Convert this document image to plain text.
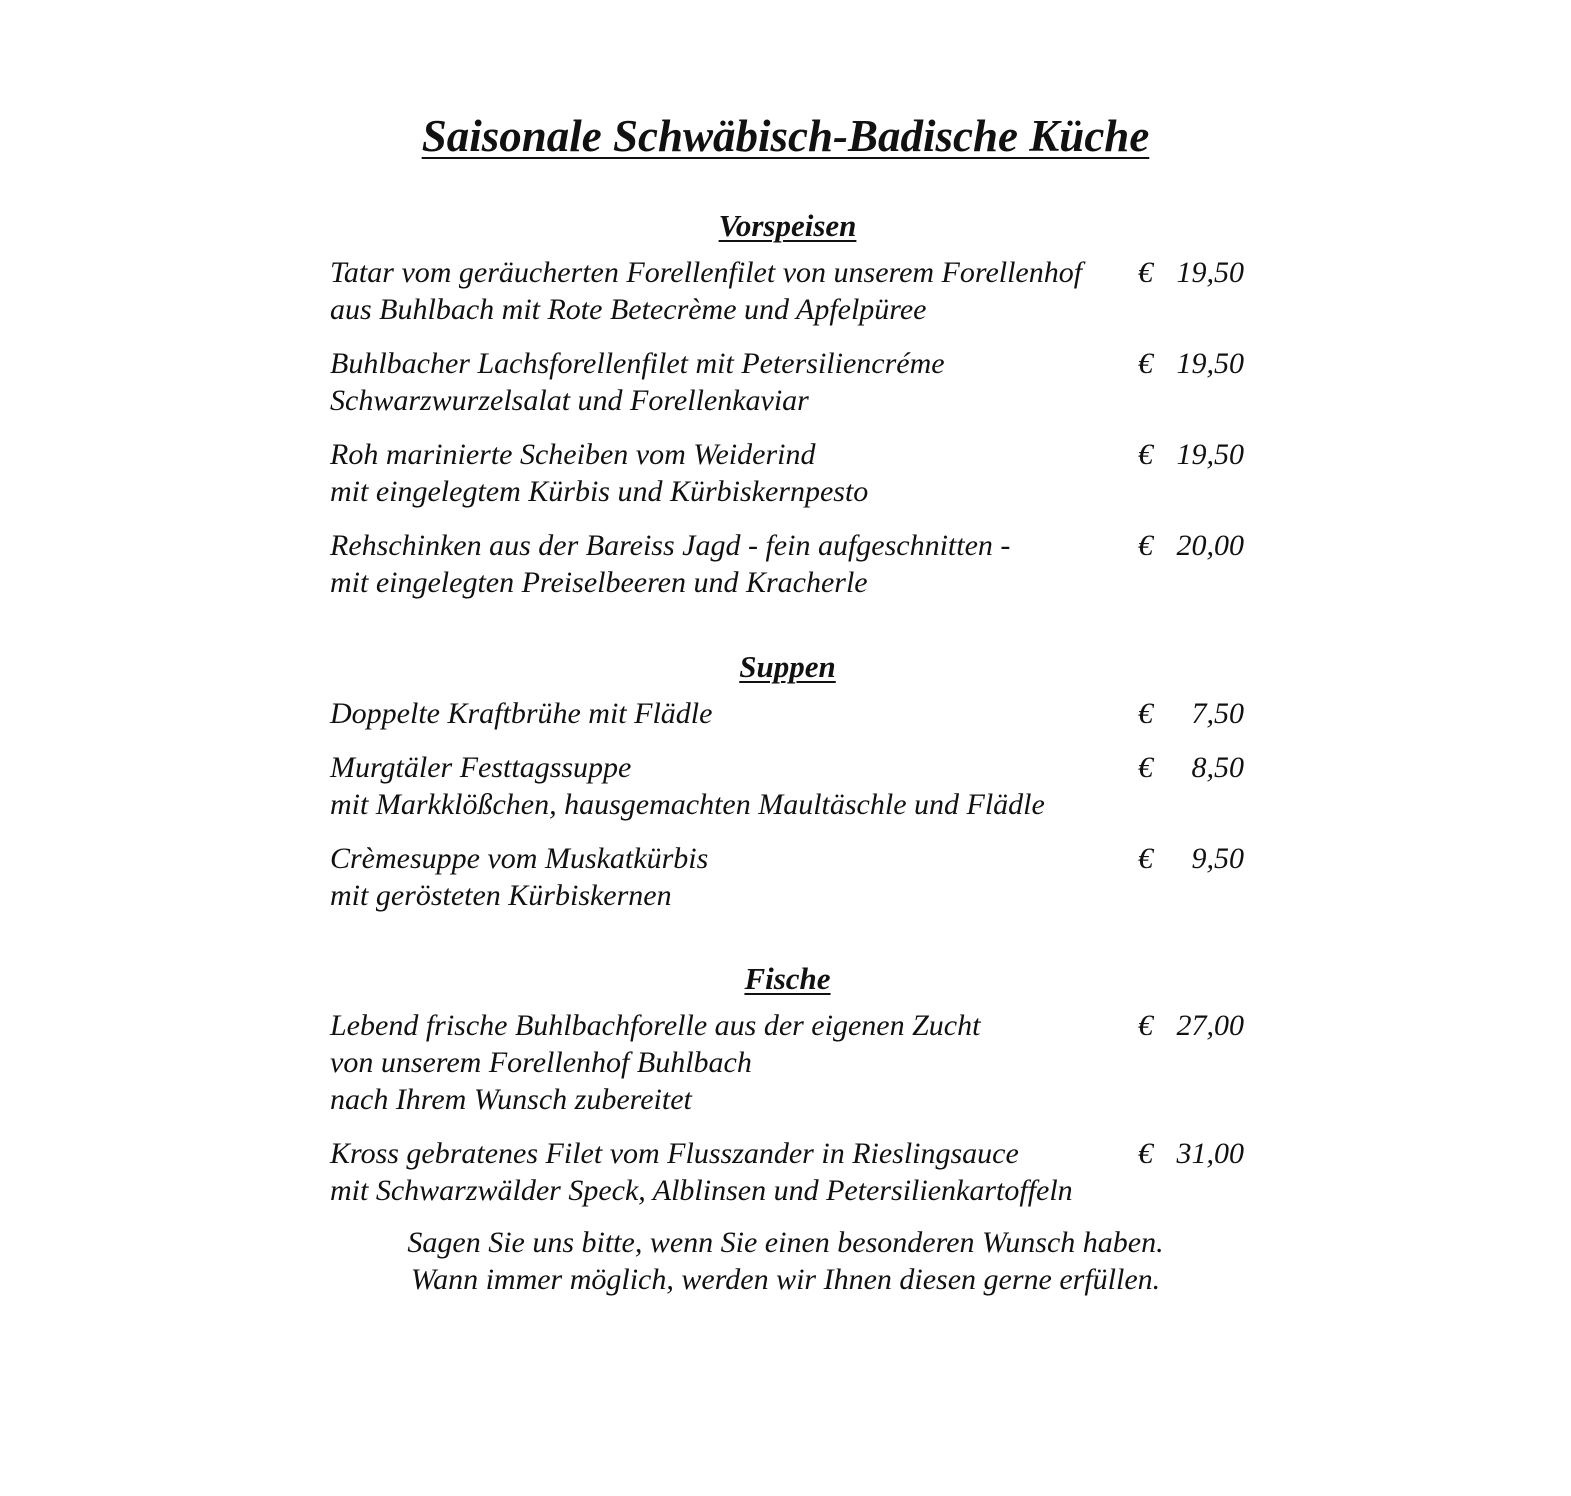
Saisonale Schwäbisch-Badische Küche
Vorspeisen
Tatar vom geräucherten Forellenfilet von unserem Forellenhof
aus Buhlbach mit Rote Betecrème und Apfelpüree
€ 19,50
Buhlbacher Lachsforellenfilet mit Petersiliencréme
Schwarzwurzelsalat und Forellenkaviar
€ 19,50
Roh marinierte Scheiben vom Weiderind
mit eingelegtem Kürbis und Kürbiskernpesto
€ 19,50
Rehschinken aus der Bareiss Jagd - fein aufgeschnitten -
mit eingelegten Preiselbeeren und Kracherle
€ 20,00
Suppen
Doppelte Kraftbrühe mit Flädle	€ 7,50
Murgtäler Festtagssuppe
mit Markklößchen, hausgemachten Maultäschle und Flädle
€ 8,50
Crèmesuppe vom Muskatkürbis
mit gerösteten Kürbiskernen
€ 9,50
Fische
Lebend frische Buhlbachforelle aus der eigenen Zucht
von unserem Forellenhof Buhlbach
nach Ihrem Wunsch zubereitet
€ 27,00
Kross gebratenes Filet vom Flusszander in Rieslingsauce
mit Schwarzwälder Speck, Alblinsen und Petersilienkartoffeln
€ 31,00
Sagen Sie uns bitte, wenn Sie einen besonderen Wunsch haben.
Wann immer möglich, werden wir Ihnen diesen gerne erfüllen.
